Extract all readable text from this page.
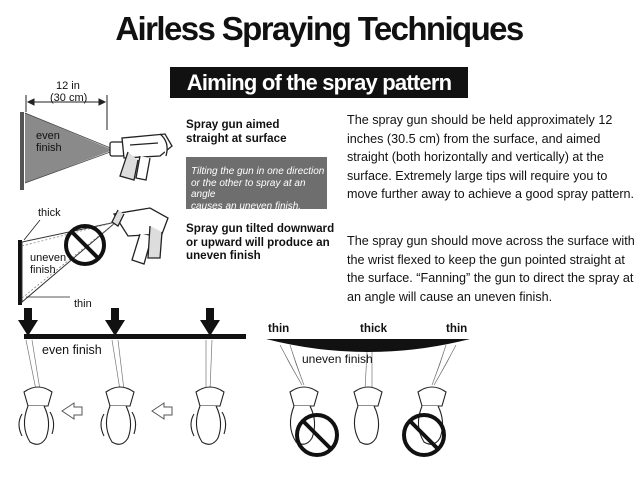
Airless Spraying Techniques
Aiming of the spray pattern
The spray gun should be held approximately 12 inches (30.5 cm) from the surface, and aimed straight (both horizontally and vertically) at the surface. Extremely large tips will require you to move further away to achieve a good spray pattern.
The spray gun should move across the surface with the wrist flexed to keep the gun pointed straight at the surface. “Fanning” the gun to direct the spray at an angle will cause an uneven finish.
12 in
(30 cm)
even
finish
Spray gun aimed
straight at surface
Tilting the gun in one direction
or the other to spray at an angle
causes an uneven finish.
Spray gun tilted downward
or upward will produce an
uneven finish
thick
uneven
finish
thin
even finish
thin	thick	thin
uneven finish
